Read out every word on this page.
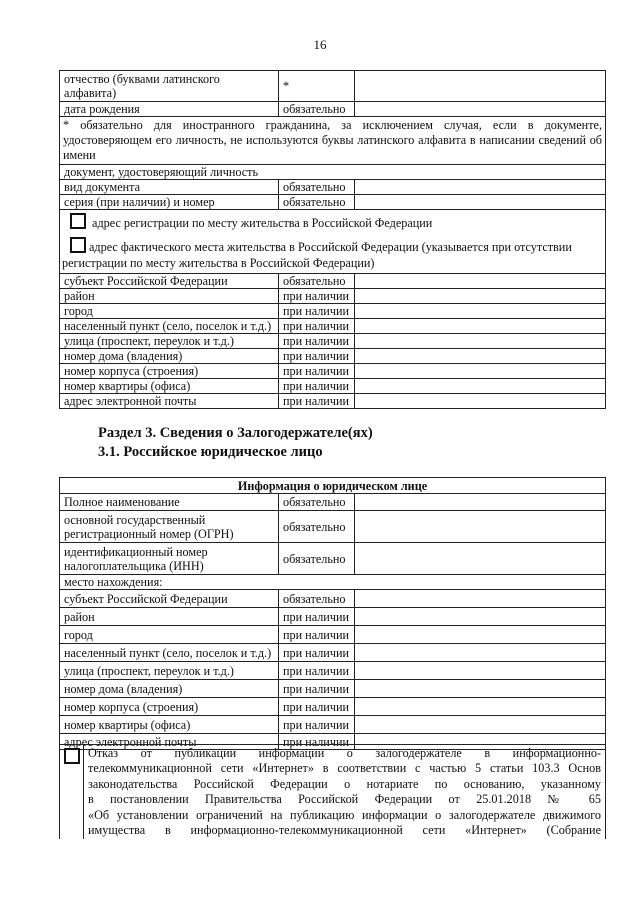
16
отчество (буквами латинского алфавита)	*	
дата рождения	обязательно	
* обязательно для иностранного гражданина, за исключением случая, если в документе, удостоверяющем его личность, не используются буквы латинского алфавита в написании сведений об имени		
документ, удостоверяющий личность		
вид документа	обязательно	
серия (при наличии) и номер	обязательно	

адрес регистрации по месту жительства в Российской Федерации
адрес фактического места жительства в Российской Федерации (указывается при отсутствии
регистрации по месту жительства в Российской Федерации)		

субъект Российской Федерации	обязательно	
район	при наличии	
город	при наличии	
населенный пункт (село, поселок и т.д.)	при наличии	
улица (проспект, переулок и т.д.)	при наличии	
номер дома (владения)	при наличии	
номер корпуса (строения)	при наличии	
номер квартиры (офиса)	при наличии	
адрес электронной почты	при наличии	
Раздел 3. Сведения о Залогодержателе(ях)
3.1. Российское юридическое лицо
Информация о юридическом лице		
Полное наименование	обязательно	
основной государственный регистрационный номер (ОГРН)	обязательно	
идентификационный номер налогоплательщика (ИНН)	обязательно	
место нахождения:		
субъект Российской Федерации	обязательно	
район	при наличии	
город	при наличии	
населенный пункт (село, поселок и т.д.)	при наличии	
улица (проспект, переулок и т.д.)	при наличии	
номер дома (владения)	при наличии	
номер корпуса (строения)	при наличии	
номер квартиры (офиса)	при наличии	
адрес электронной почты	при наличии	

Отказ от публикации информации о залогодержателе в информационно-
телекоммуникационной сети «Интернет» в соответствии с частью 5 статьи 103.3 Основ
законодательства Российской Федерации о нотариате по основанию, указанному
в постановлении Правительства Российской Федерации от 25.01.2018 № 65
«Об установлении ограничений на публикацию информации о залогодержателе движимого
имущества в информационно-телекоммуникационной сети «Интернет» (Собрание
